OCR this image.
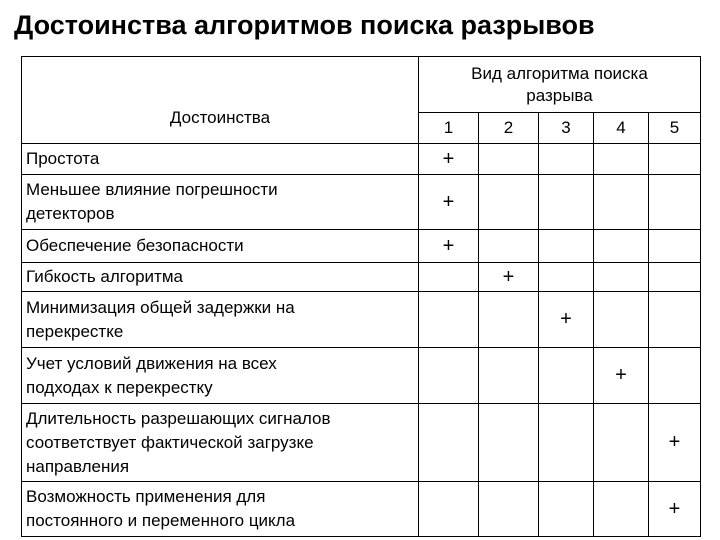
Достоинства алгоритмов поиска разрывов
Достоинства	Вид алгоритма поиска
разрыва				

	1	2	3	4	5

Простота	+				

Меньшее влияние погрешности
детекторов	+				

Обеспечение безопасности	+				

Гибкость алгоритма		+			

Минимизация общей задержки на
перекрестке			+		

Учет условий движения на всех
подходах к перекрестку				+	

Длительность разрешающих сигналов
соответствует фактической загрузке
направления					+

Возможность применения для
постоянного и переменного цикла					+
